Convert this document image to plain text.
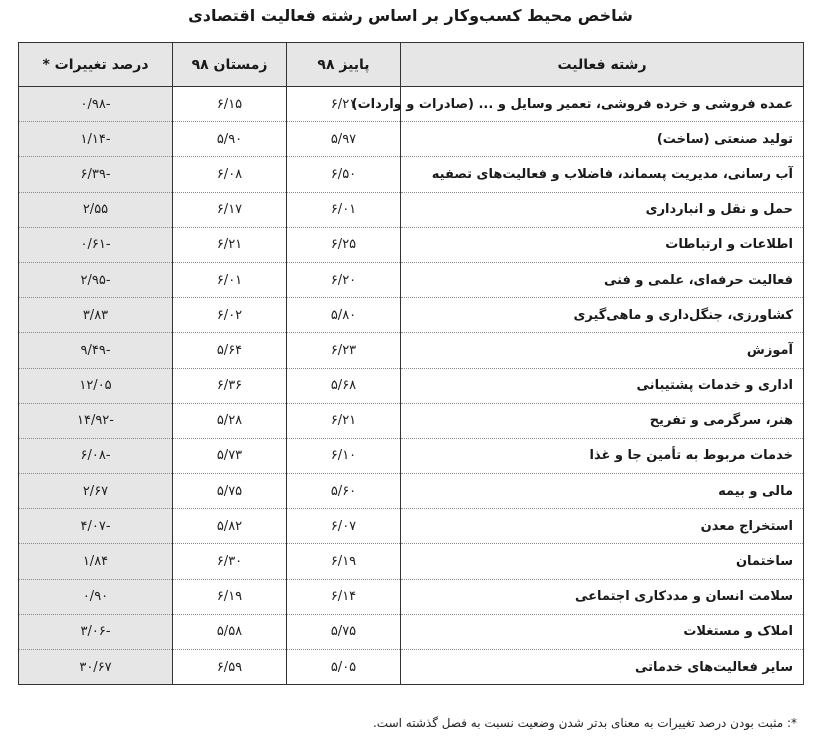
شاخص محیط کسب‌وکار بر اساس رشته فعالیت اقتصادی
رشته فعالیت	پاییز ۹۸	زمستان ۹۸	درصد تغییرات *
عمده فروشی و خرده فروشی، تعمیر وسایل و ... (صادرات و واردات)	۶/۲۱	۶/۱۵	-۰/۹۸
تولید صنعتی (ساخت)	۵/۹۷	۵/۹۰	-۱/۱۴
آب رسانی، مدیریت پسماند، فاضلاب و فعالیت‌های تصفیه	۶/۵۰	۶/۰۸	-۶/۳۹
حمل و نقل و انبارداری	۶/۰۱	۶/۱۷	۲/۵۵
اطلاعات و ارتباطات	۶/۲۵	۶/۲۱	-۰/۶۱
فعالیت حرفه‌ای، علمی و فنی	۶/۲۰	۶/۰۱	-۲/۹۵
کشاورزی، جنگل‌داری و ماهی‌گیری	۵/۸۰	۶/۰۲	۳/۸۳
آموزش	۶/۲۳	۵/۶۴	-۹/۴۹
اداری و خدمات پشتیبانی	۵/۶۸	۶/۳۶	۱۲/۰۵
هنر، سرگرمی و تفریح	۶/۲۱	۵/۲۸	-۱۴/۹۲
خدمات مربوط به تأمین جا و غذا	۶/۱۰	۵/۷۳	-۶/۰۸
مالی و بیمه	۵/۶۰	۵/۷۵	۲/۶۷
استخراج معدن	۶/۰۷	۵/۸۲	-۴/۰۷
ساختمان	۶/۱۹	۶/۳۰	۱/۸۴
سلامت انسان و مددکاری اجتماعی	۶/۱۴	۶/۱۹	۰/۹۰
املاک و مستغلات	۵/۷۵	۵/۵۸	-۳/۰۶
سایر فعالیت‌های خدماتی	۵/۰۵	۶/۵۹	۳۰/۶۷
*: مثبت بودن درصد تغییرات به معنای بدتر شدن وضعیت نسبت به فصل گذشته است.
